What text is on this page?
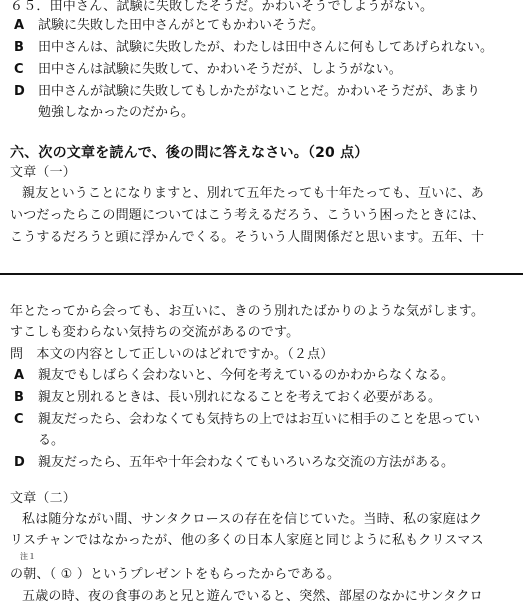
６５．田中さん、試験に失敗したそうだ。かわいそうでしようがない。
A 試験に失敗した田中さんがとてもかわいそうだ。
B 田中さんは、試験に失敗したが、わたしは田中さんに何もしてあげられない。
C 田中さんは試験に失敗して、かわいそうだが、しようがない。
D 田中さんが試験に失敗してもしかたがないことだ。かわいそうだが、あまり
勉強しなかったのだから。
六、次の文章を読んで、後の問に答えなさい。（20 点）
文章（一）
親友ということになりますと、別れて五年たっても十年たっても、互いに、あ
いつだったらこの問題についてはこう考えるだろう、こういう困ったときには、
こうするだろうと頭に浮かんでくる。そういう人間関係だと思います。五年、十
年とたってから会っても、お互いに、きのう別れたばかりのような気がします。
すこしも変わらない気持ちの交流があるのです。
問　本文の内容として正しいのはどれですか。（２点）
A 親友でもしばらく会わないと、今何を考えているのかわからなくなる。
B 親友と別れるときは、長い別れになることを考えておく必要がある。
C 親友だったら、会わなくても気持ちの上ではお互いに相手のことを思ってい
る。
D 親友だったら、五年や十年会わなくてもいろいろな交流の方法がある。
文章（二）
私は随分ながい間、サンタクロースの存在を信じていた。当時、私の家庭はク
リスチャンではなかったが、他の多くの日本人家庭と同じように私もクリスマス
注１
の朝、（ ① ）というプレゼントをもらったからである。
五歳の時、夜の食事のあと兄と遊んでいると、突然、部屋のなかにサンタクロ
